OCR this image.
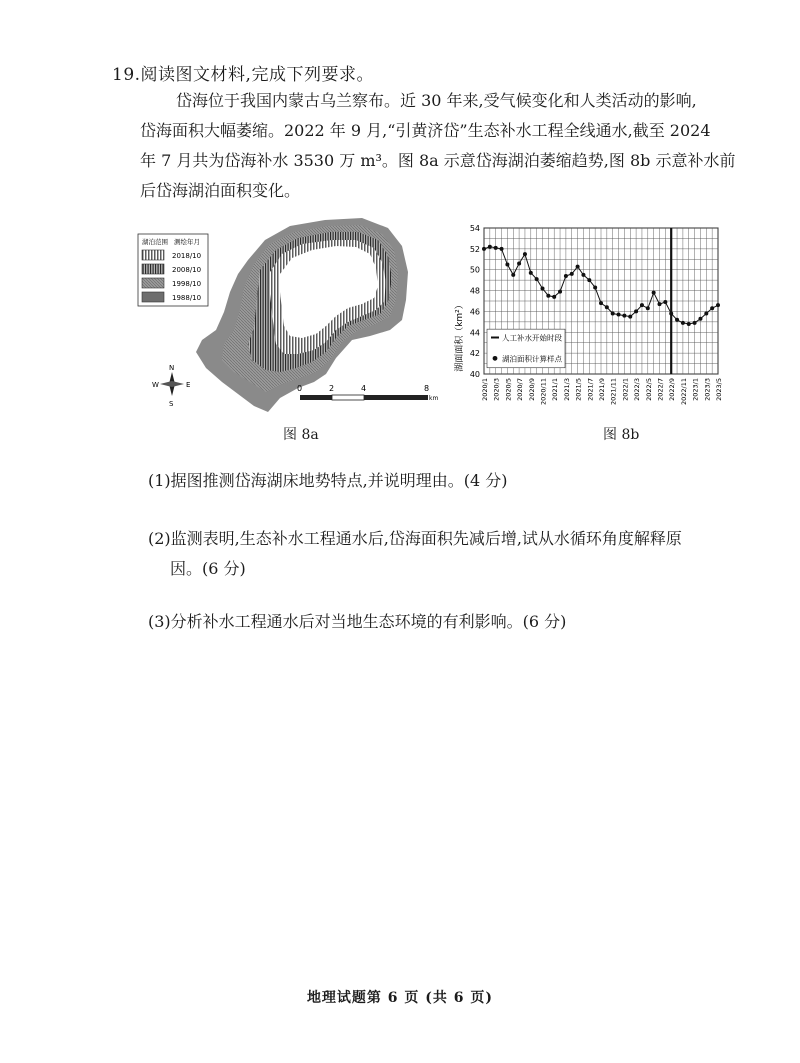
19.阅读图文材料,完成下列要求。
岱海位于我国内蒙古乌兰察布。近 30 年来,受气候变化和人类活动的影响,
岱海面积大幅萎缩。2022 年 9 月,“引黄济岱”生态补水工程全线通水,截至 2024
年 7 月共为岱海补水 3530 万 m³。图 8a 示意岱海湖泊萎缩趋势,图 8b 示意补水前
后岱海湖泊面积变化。
湖泊范围 测绘年月
2018/10
2008/10
1998/10
1988/10
N
S
E
W	0	2	4	8
km
图 8a
40
42
44
46
48
50
52
54
2020/1 2020/3 2020/5 2020/7 2020/9 2020/11 2021/1 2021/3 2021/5 2021/7 2021/9 2021/11 2022/1 2022/3 2022/5 2022/7 2022/9 2022/11 2023/1 2023/3 2023/5
湖面面积（km²）	人工补水开始时段
湖泊面积计算样点
图 8b
(1)据图推测岱海湖床地势特点,并说明理由。(4 分)
(2)监测表明,生态补水工程通水后,岱海面积先减后增,试从水循环角度解释原
因。(6 分)
(3)分析补水工程通水后对当地生态环境的有利影响。(6 分)
地理试题第 6 页 (共 6 页)
